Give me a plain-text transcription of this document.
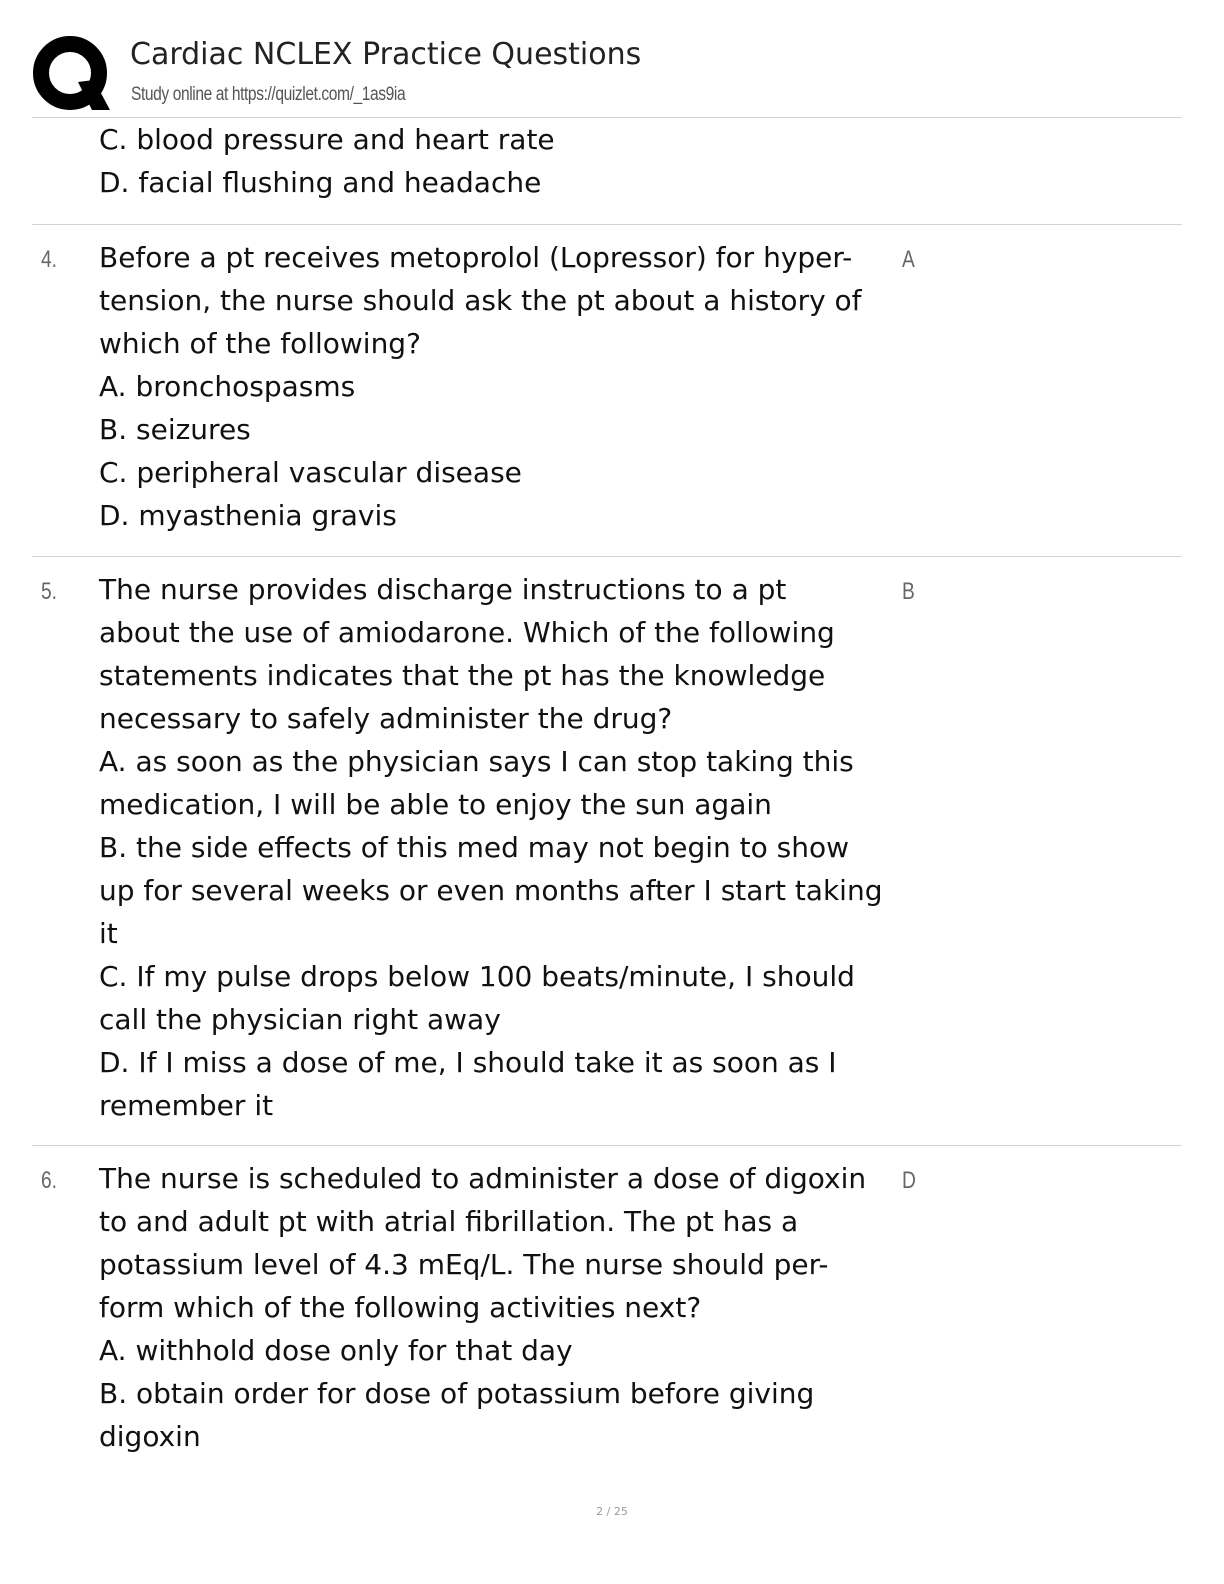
Cardiac NCLEX Practice Questions
Study online at https://quizlet.com/_1as9ia
C. blood pressure and heart rate
D. facial flushing and headache
4. Before a pt receives metoprolol (Lopressor) for hyper-
tension, the nurse should ask the pt about a history of
which of the following?
A. bronchospasms
B. seizures
C. peripheral vascular disease
D. myasthenia gravis
A
5. The nurse provides discharge instructions to a pt
about the use of amiodarone. Which of the following
statements indicates that the pt has the knowledge
necessary to safely administer the drug?
A. as soon as the physician says I can stop taking this
medication, I will be able to enjoy the sun again
B. the side effects of this med may not begin to show
up for several weeks or even months after I start taking
it
C. If my pulse drops below 100 beats/minute, I should
call the physician right away
D. If I miss a dose of me, I should take it as soon as I
remember it
B
6. The nurse is scheduled to administer a dose of digoxin
to and adult pt with atrial fibrillation. The pt has a
potassium level of 4.3 mEq/L. The nurse should per-
form which of the following activities next?
A. withhold dose only for that day
B. obtain order for dose of potassium before giving
digoxin
D
2 / 25
